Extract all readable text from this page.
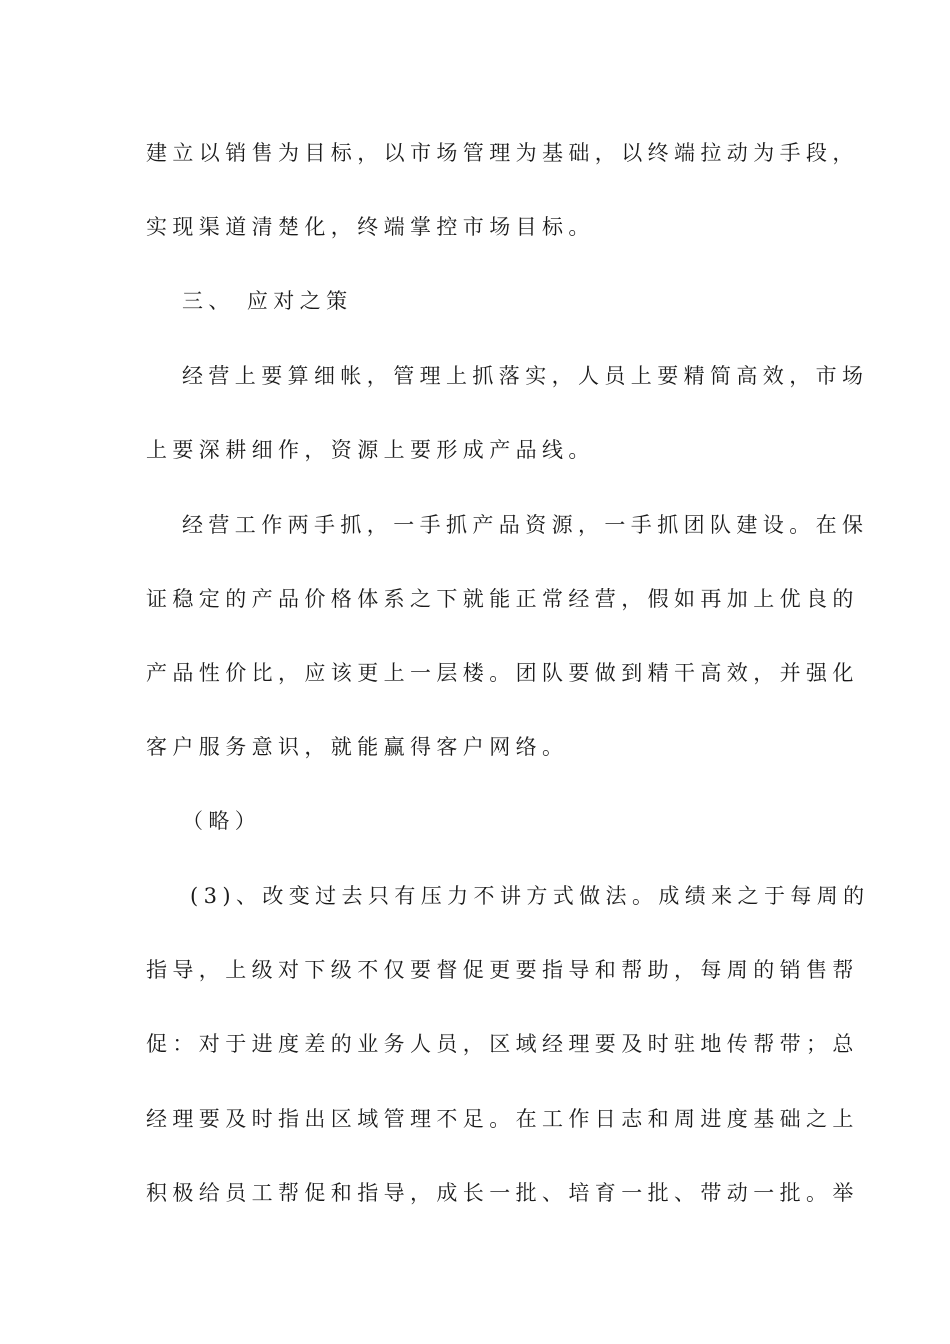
建立以销售为目标，以市场管理为基础，以终端拉动为手段，
实现渠道清楚化，终端掌控市场目标。
三、 应对之策
经营上要算细帐，管理上抓落实，人员上要精简高效，市场
上要深耕细作，资源上要形成产品线。
经营工作两手抓，一手抓产品资源，一手抓团队建设。在保
证稳定的产品价格体系之下就能正常经营，假如再加上优良的
产品性价比，应该更上一层楼。团队要做到精干高效，并强化
客户服务意识，就能赢得客户网络。
（略）
(3)、改变过去只有压力不讲方式做法。成绩来之于每周的
指导，上级对下级不仅要督促更要指导和帮助，每周的销售帮
促：对于进度差的业务人员，区域经理要及时驻地传帮带；总
经理要及时指出区域管理不足。在工作日志和周进度基础之上
积极给员工帮促和指导，成长一批、培育一批、带动一批。举
